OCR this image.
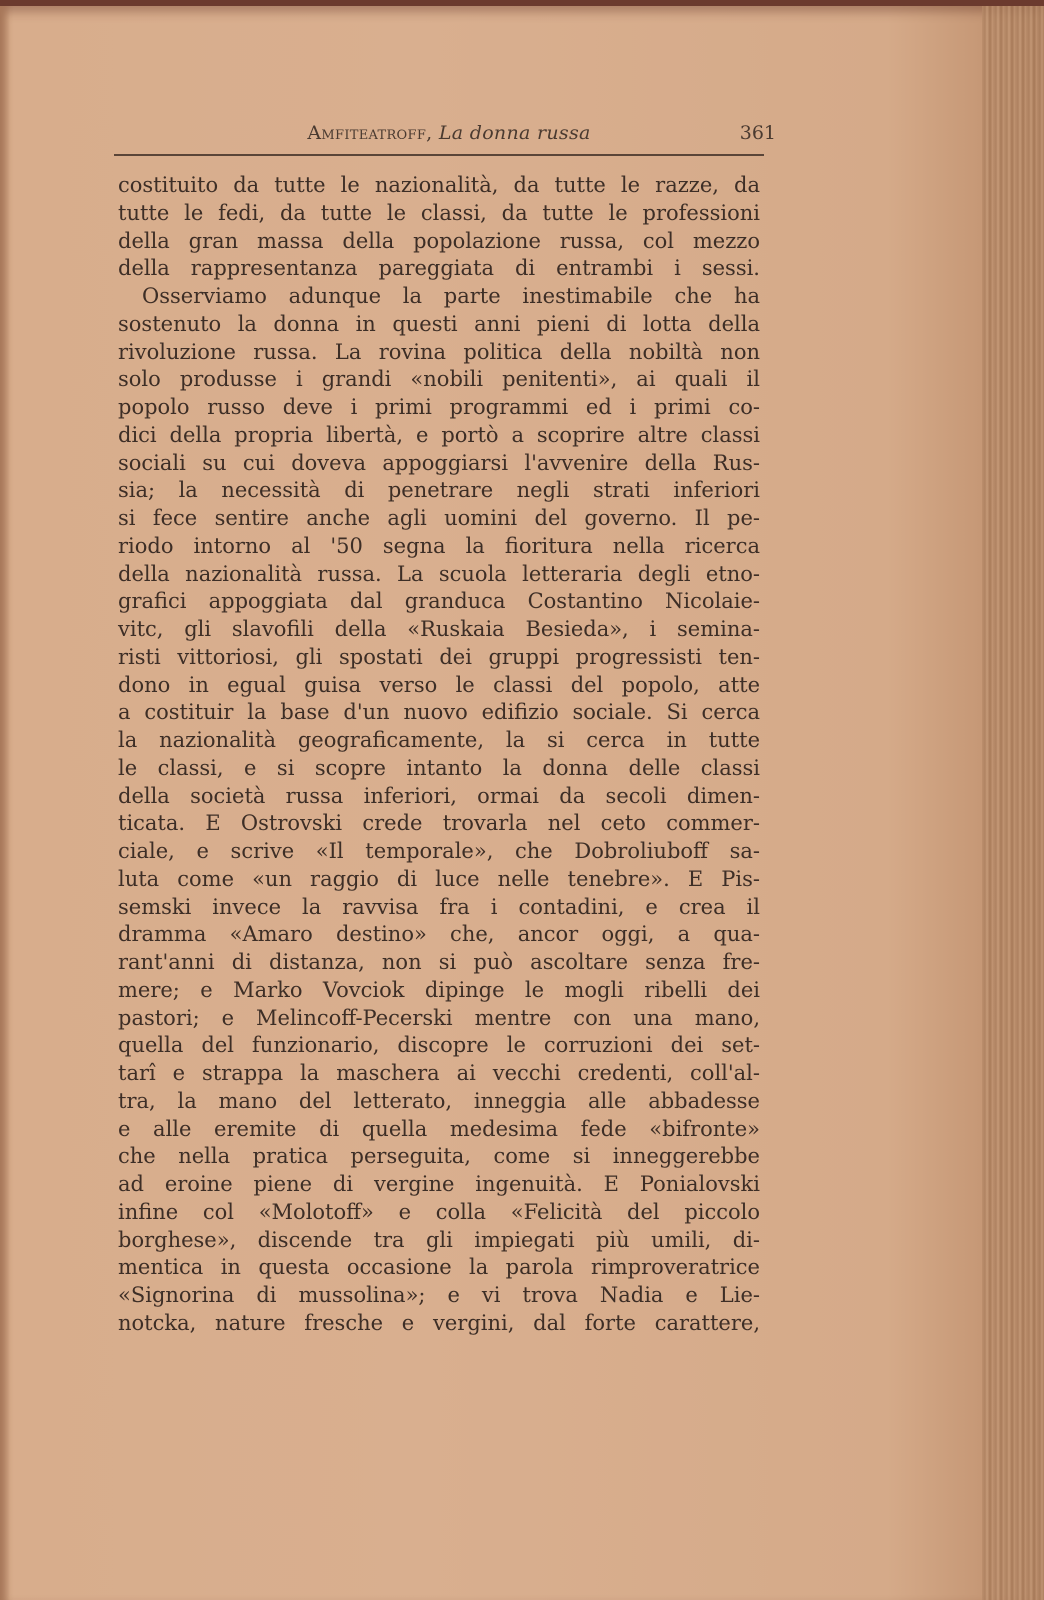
Amfiteatroff, La donna russa	361
costituito da tutte le nazionalità, da tutte le razze, da
tutte le fedi, da tutte le classi, da tutte le professioni
della gran massa della popolazione russa, col mezzo
della rappresentanza pareggiata di entrambi i sessi.
Osserviamo adunque la parte inestimabile che ha
sostenuto la donna in questi anni pieni di lotta della
rivoluzione russa. La rovina politica della nobiltà non
solo produsse i grandi «nobili penitenti», ai quali il
popolo russo deve i primi programmi ed i primi co-
dici della propria libertà, e portò a scoprire altre classi
sociali su cui doveva appoggiarsi l'avvenire della Rus-
sia; la necessità di penetrare negli strati inferiori
si fece sentire anche agli uomini del governo. Il pe-
riodo intorno al '50 segna la fioritura nella ricerca
della nazionalità russa. La scuola letteraria degli etno-
grafici appoggiata dal granduca Costantino Nicolaie-
vitc, gli slavofili della «Ruskaia Besieda», i semina-
risti vittoriosi, gli spostati dei gruppi progressisti ten-
dono in egual guisa verso le classi del popolo, atte
a costituir la base d'un nuovo edifizio sociale. Si cerca
la nazionalità geograficamente, la si cerca in tutte
le classi, e si scopre intanto la donna delle classi
della società russa inferiori, ormai da secoli dimen-
ticata. E Ostrovski crede trovarla nel ceto commer-
ciale, e scrive «Il temporale», che Dobroliuboff sa-
luta come «un raggio di luce nelle tenebre». E Pis-
semski invece la ravvisa fra i contadini, e crea il
dramma «Amaro destino» che, ancor oggi, a qua-
rant'anni di distanza, non si può ascoltare senza fre-
mere; e Marko Vovciok dipinge le mogli ribelli dei
pastori; e Melincoff-Pecerski mentre con una mano,
quella del funzionario, discopre le corruzioni dei set-
tarî e strappa la maschera ai vecchi credenti, coll'al-
tra, la mano del letterato, inneggia alle abbadesse
e alle eremite di quella medesima fede «bifronte»
che nella pratica perseguita, come si inneggerebbe
ad eroine piene di vergine ingenuità. E Ponialovski
infine col «Molotoff» e colla «Felicità del piccolo
borghese», discende tra gli impiegati più umili, di-
mentica in questa occasione la parola rimproveratrice
«Signorina di mussolina»; e vi trova Nadia e Lie-
notcka, nature fresche e vergini, dal forte carattere,
